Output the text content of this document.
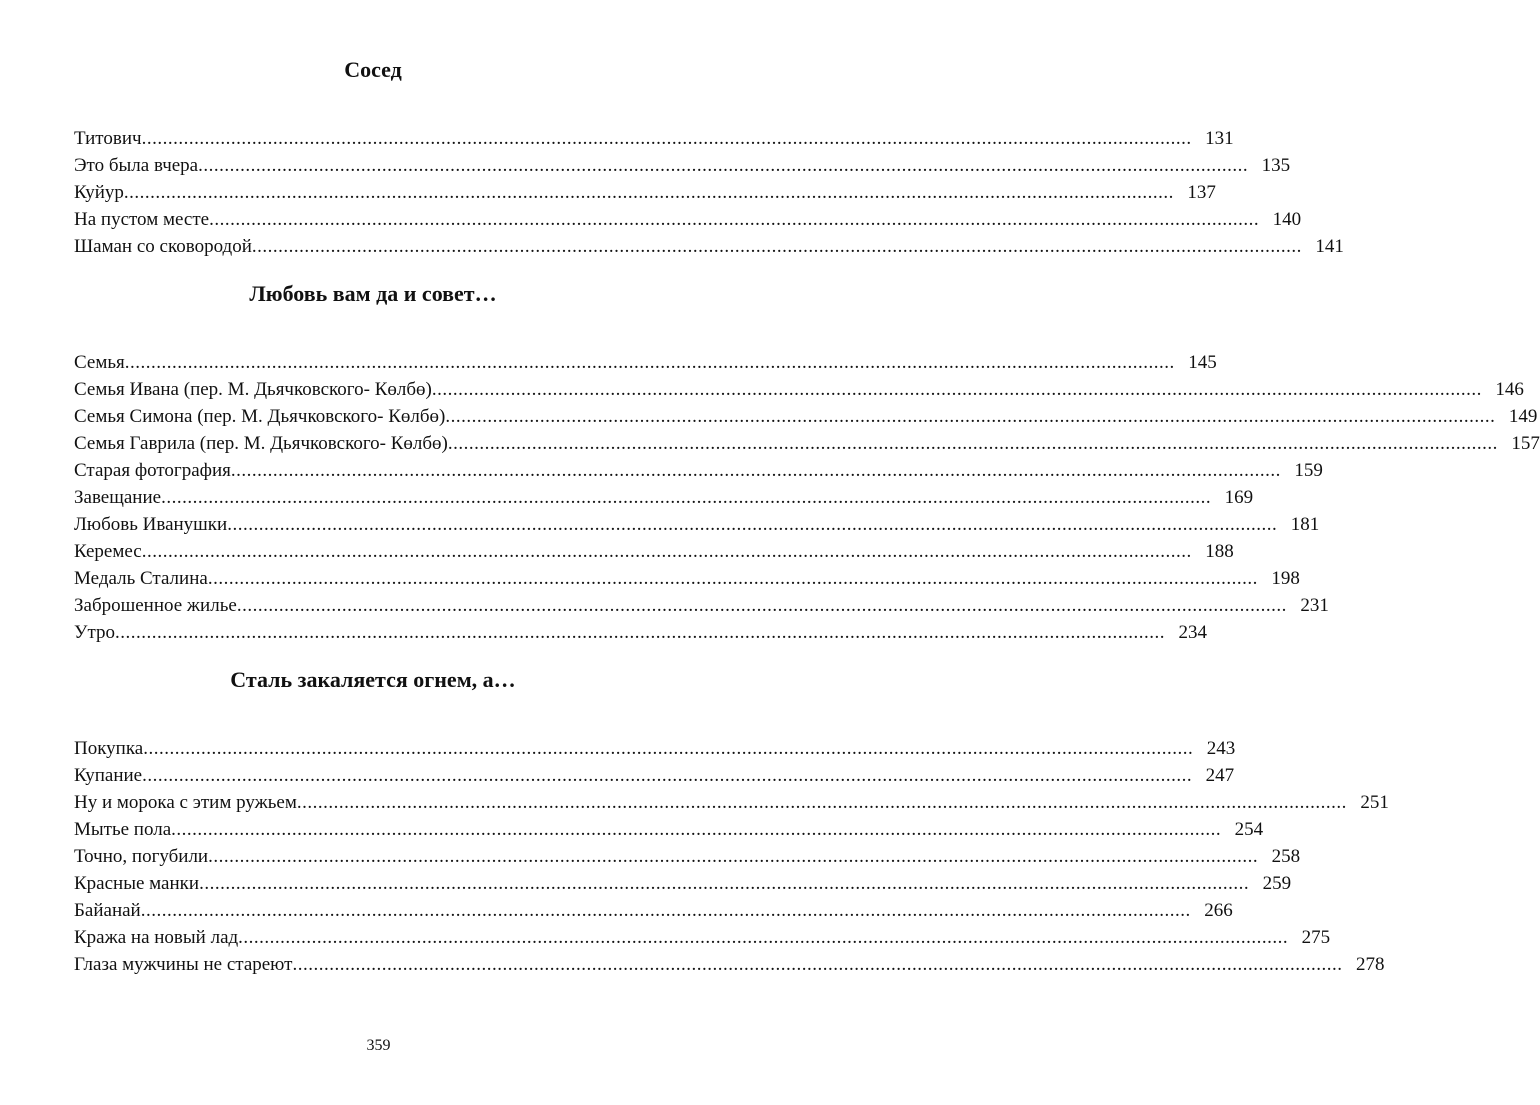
Сосед
Титович ........................................................................................................................................................................................................ 131
Это была вчера ........................................................................................................................................................................................................ 135
Куйур ........................................................................................................................................................................................................ 137
На пустом месте ........................................................................................................................................................................................................ 140
Шаман со сковородой ........................................................................................................................................................................................................ 141
Любовь вам да и совет…
Семья ........................................................................................................................................................................................................ 145
Семья Ивана (пер. М. Дьячковского- Көлбө) ........................................................................................................................................................................................................ 146
Семья Симона (пер. М. Дьячковского- Көлбө) ........................................................................................................................................................................................................ 149
Семья Гаврила (пер. М. Дьячковского- Көлбө) ........................................................................................................................................................................................................ 157
Старая фотография ........................................................................................................................................................................................................ 159
Завещание ........................................................................................................................................................................................................ 169
Любовь Иванушки ........................................................................................................................................................................................................ 181
Керемес ........................................................................................................................................................................................................ 188
Медаль Сталина ........................................................................................................................................................................................................ 198
Заброшенное жилье ........................................................................................................................................................................................................ 231
Утро ........................................................................................................................................................................................................ 234
Сталь закаляется огнем, а…
Покупка ........................................................................................................................................................................................................ 243
Купание ........................................................................................................................................................................................................ 247
Ну и морока с этим ружьем ........................................................................................................................................................................................................ 251
Мытье пола ........................................................................................................................................................................................................ 254
Точно, погубили ........................................................................................................................................................................................................ 258
Красные манки ........................................................................................................................................................................................................ 259
Байанай ........................................................................................................................................................................................................ 266
Кража на новый лад ........................................................................................................................................................................................................ 275
Глаза мужчины не стареют ........................................................................................................................................................................................................ 278
359
